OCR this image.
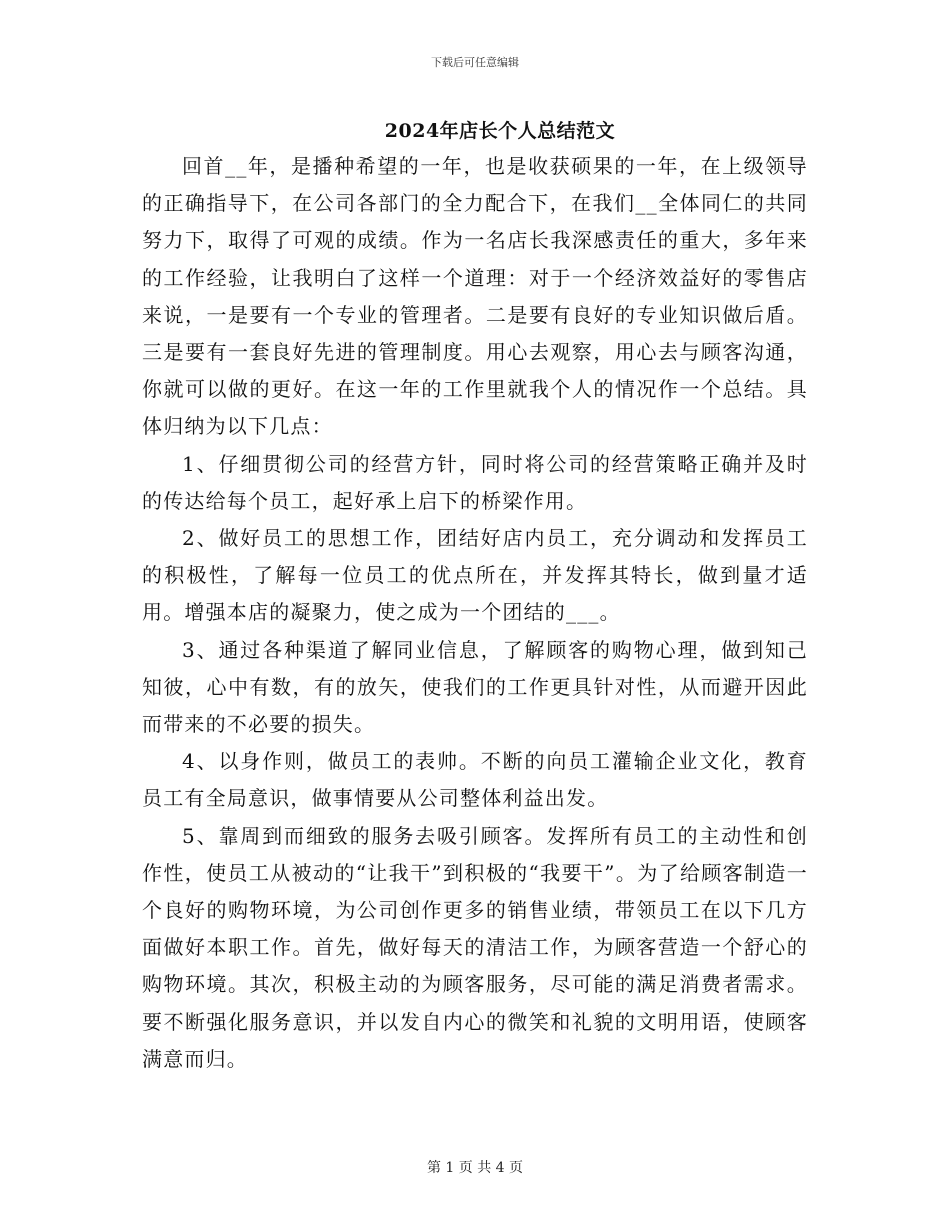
下载后可任意编辑
2024年店长个人总结范文

回首__年，是播种希望的一年，也是收获硕果的一年，在上级领导的正确指导下，在公司各部门的全力配合下，在我们__全体同仁的共同努力下，取得了可观的成绩。作为一名店长我深感责任的重大，多年来的工作经验，让我明白了这样一个道理：对于一个经济效益好的零售店来说，一是要有一个专业的管理者。二是要有良好的专业知识做后盾。三是要有一套良好先进的管理制度。用心去观察，用心去与顾客沟通，你就可以做的更好。在这一年的工作里就我个人的情况作一个总结。具体归纳为以下几点：

1、仔细贯彻公司的经营方针，同时将公司的经营策略正确并及时的传达给每个员工，起好承上启下的桥梁作用。

2、做好员工的思想工作，团结好店内员工，充分调动和发挥员工的积极性，了解每一位员工的优点所在，并发挥其特长，做到量才适用。增强本店的凝聚力，使之成为一个团结的___。

3、通过各种渠道了解同业信息，了解顾客的购物心理，做到知己知彼，心中有数，有的放矢，使我们的工作更具针对性，从而避开因此而带来的不必要的损失。

4、以身作则，做员工的表帅。不断的向员工灌输企业文化，教育员工有全局意识，做事情要从公司整体利益出发。

5、靠周到而细致的服务去吸引顾客。发挥所有员工的主动性和创作性，使员工从被动的“让我干”到积极的“我要干”。为了给顾客制造一个良好的购物环境，为公司创作更多的销售业绩，带领员工在以下几方面做好本职工作。首先，做好每天的清洁工作，为顾客营造一个舒心的购物环境。其次，积极主动的为顾客服务，尽可能的满足消费者需求。要不断强化服务意识，并以发自内心的微笑和礼貌的文明用语，使顾客满意而归。

第 1 页 共 4 页
